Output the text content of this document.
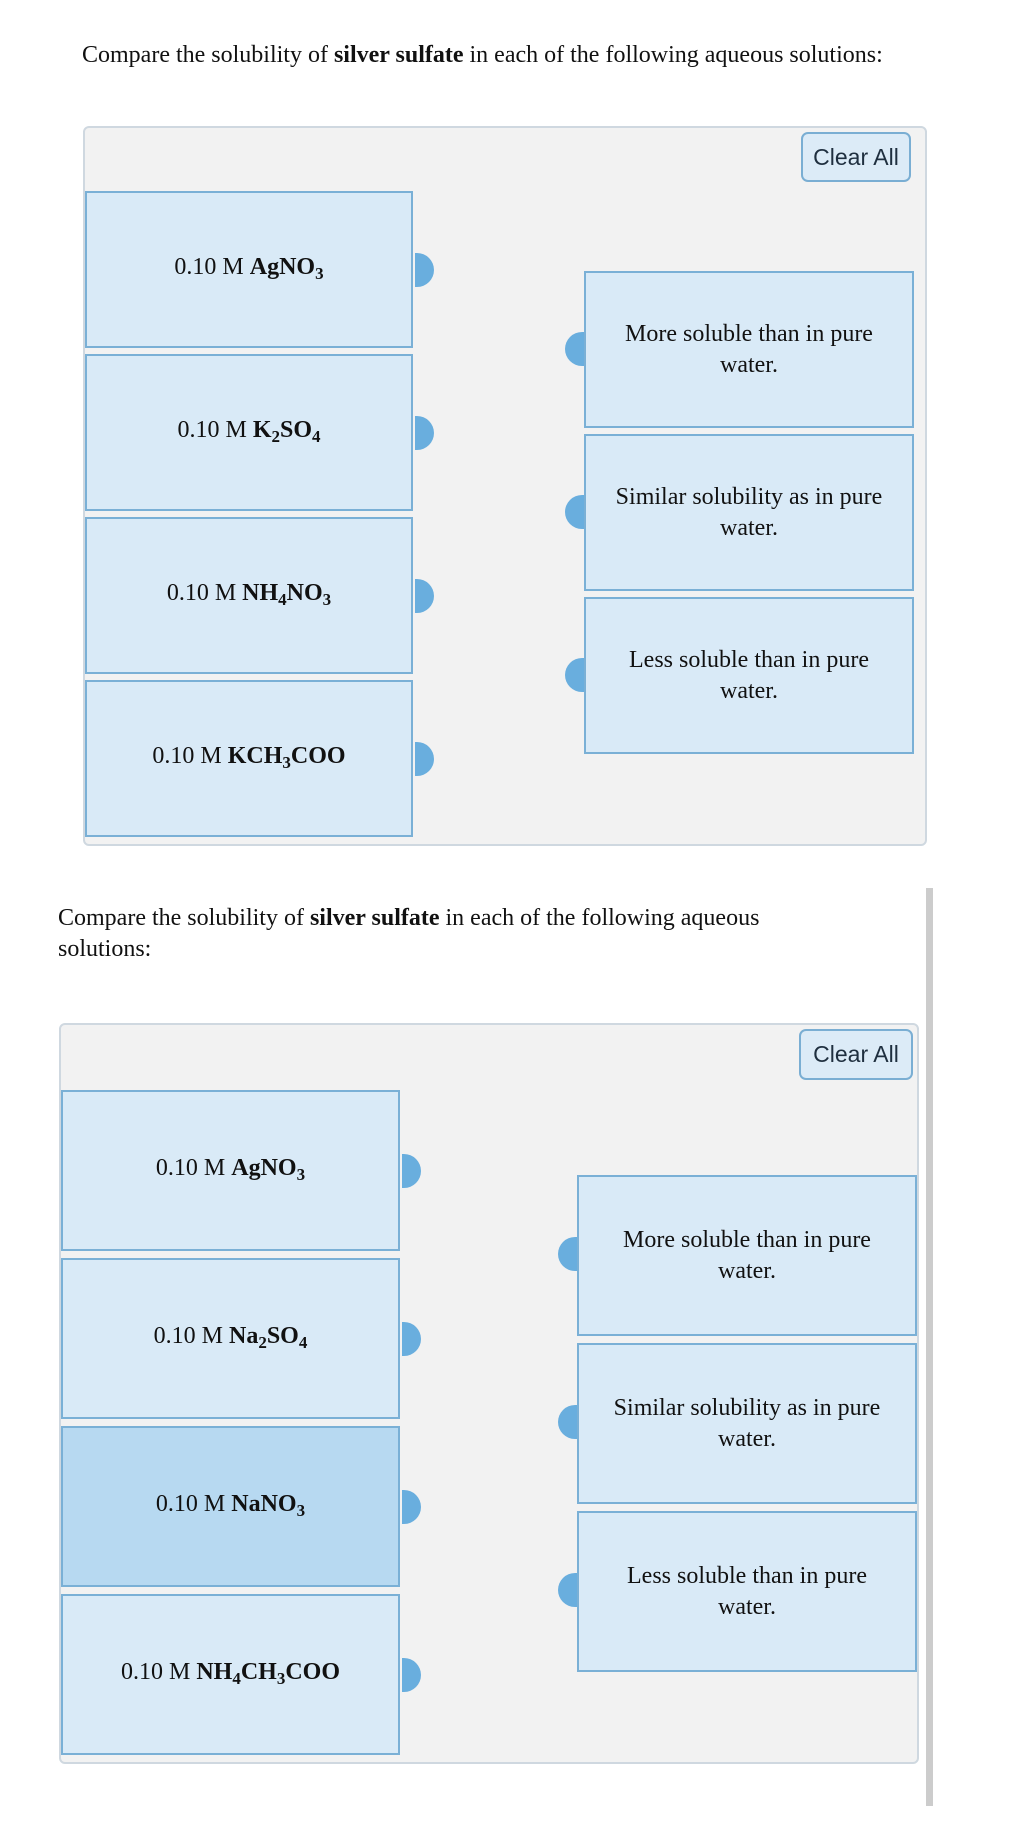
Compare the solubility of silver sulfate in each of the following aqueous solutions:
Clear All
0.10 M AgNO$_3$
0.10 M $K_2SO_4$
0.10 M $NH_4NO_3$
0.10 M $KCH_3COO$
More soluble than in pure water.
Similar solubility as in pure water.
Less soluble than in pure water.
Compare the solubility of silver sulfate in each of the following aqueous solutions:
Clear All
0.10 M AgNO$_3$
0.10 M $Na_2SO_4$
0.10 M NaNO$_3$
0.10 M $NH_4CH_3COO$
More soluble than in pure water.
Similar solubility as in pure water.
Less soluble than in pure water.
